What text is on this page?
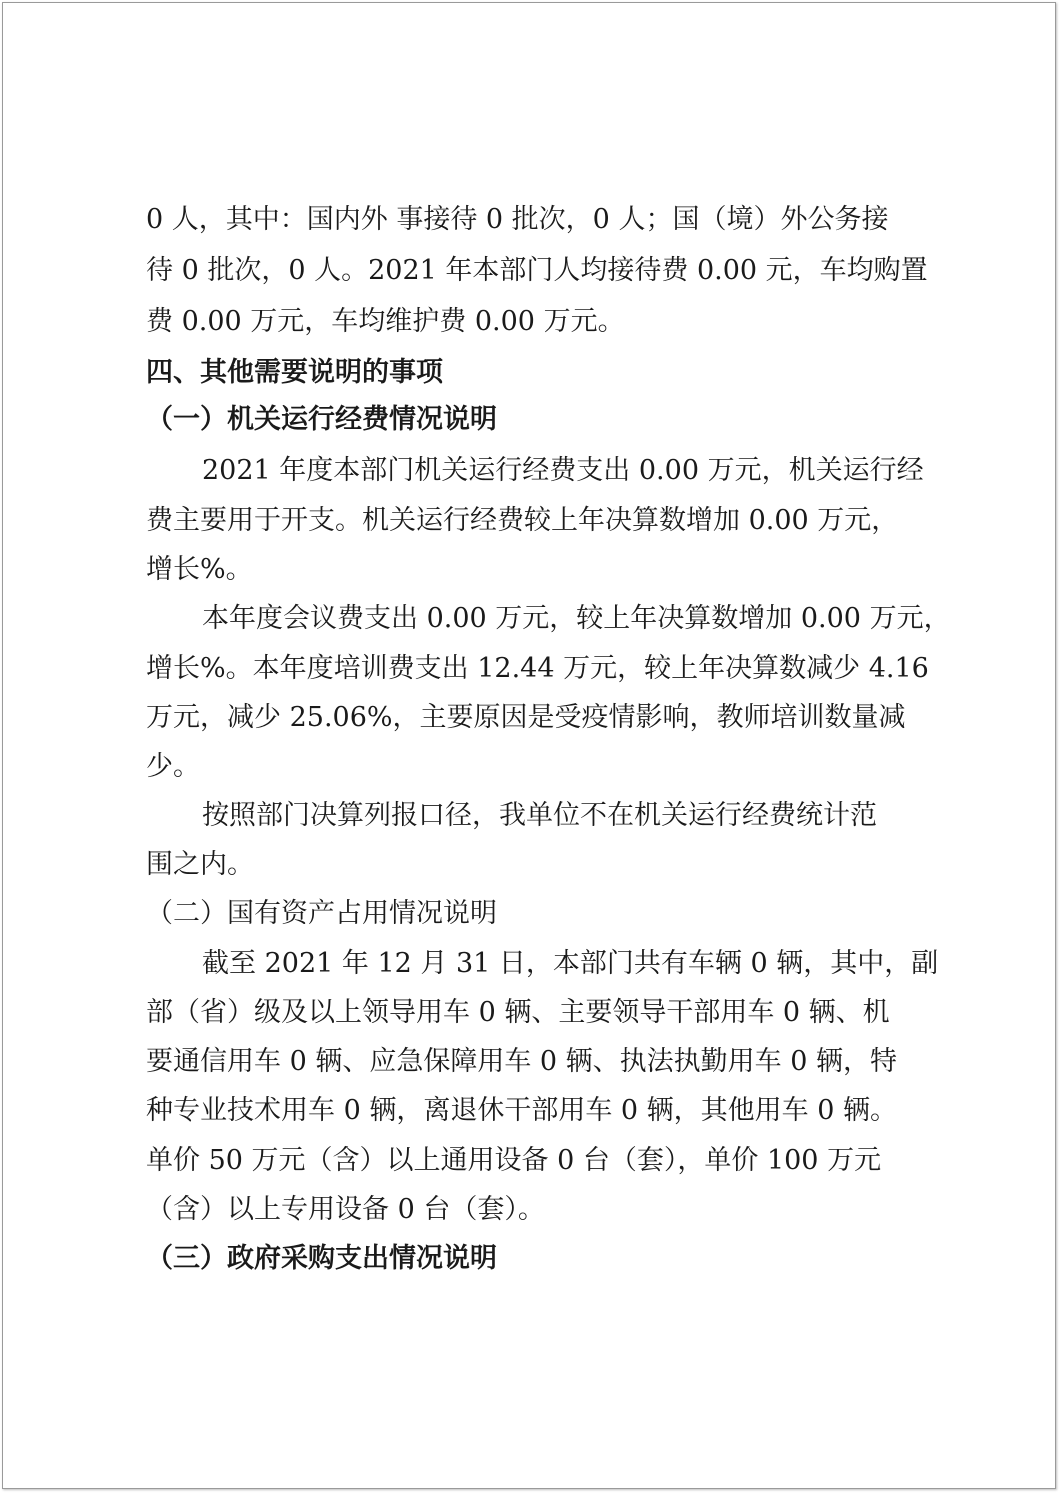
0 人，其中：国内外 事接待 0 批次，0 人；国（境）外公务接
待 0 批次，0 人。2021 年本部门人均接待费 0.00 元，车均购置
费 0.00 万元，车均维护费 0.00 万元。
四、其他需要说明的事项
（一）机关运行经费情况说明
2021 年度本部门机关运行经费支出 0.00 万元，机关运行经
费主要用于开支。机关运行经费较上年决算数增加 0.00 万元，
增长%。
本年度会议费支出 0.00 万元，较上年决算数增加 0.00 万元，
增长%。本年度培训费支出 12.44 万元，较上年决算数减少 4.16
万元，减少 25.06%，主要原因是受疫情影响，教师培训数量减
少。
按照部门决算列报口径，我单位不在机关运行经费统计范
围之内。
（二）国有资产占用情况说明
截至 2021 年 12 月 31 日，本部门共有车辆 0 辆，其中，副
部（省）级及以上领导用车 0 辆、主要领导干部用车 0 辆、机
要通信用车 0 辆、应急保障用车 0 辆、执法执勤用车 0 辆，特
种专业技术用车 0 辆，离退休干部用车 0 辆，其他用车 0 辆。
单价 50 万元（含）以上通用设备 0 台（套），单价 100 万元
（含）以上专用设备 0 台（套）。
（三）政府采购支出情况说明
